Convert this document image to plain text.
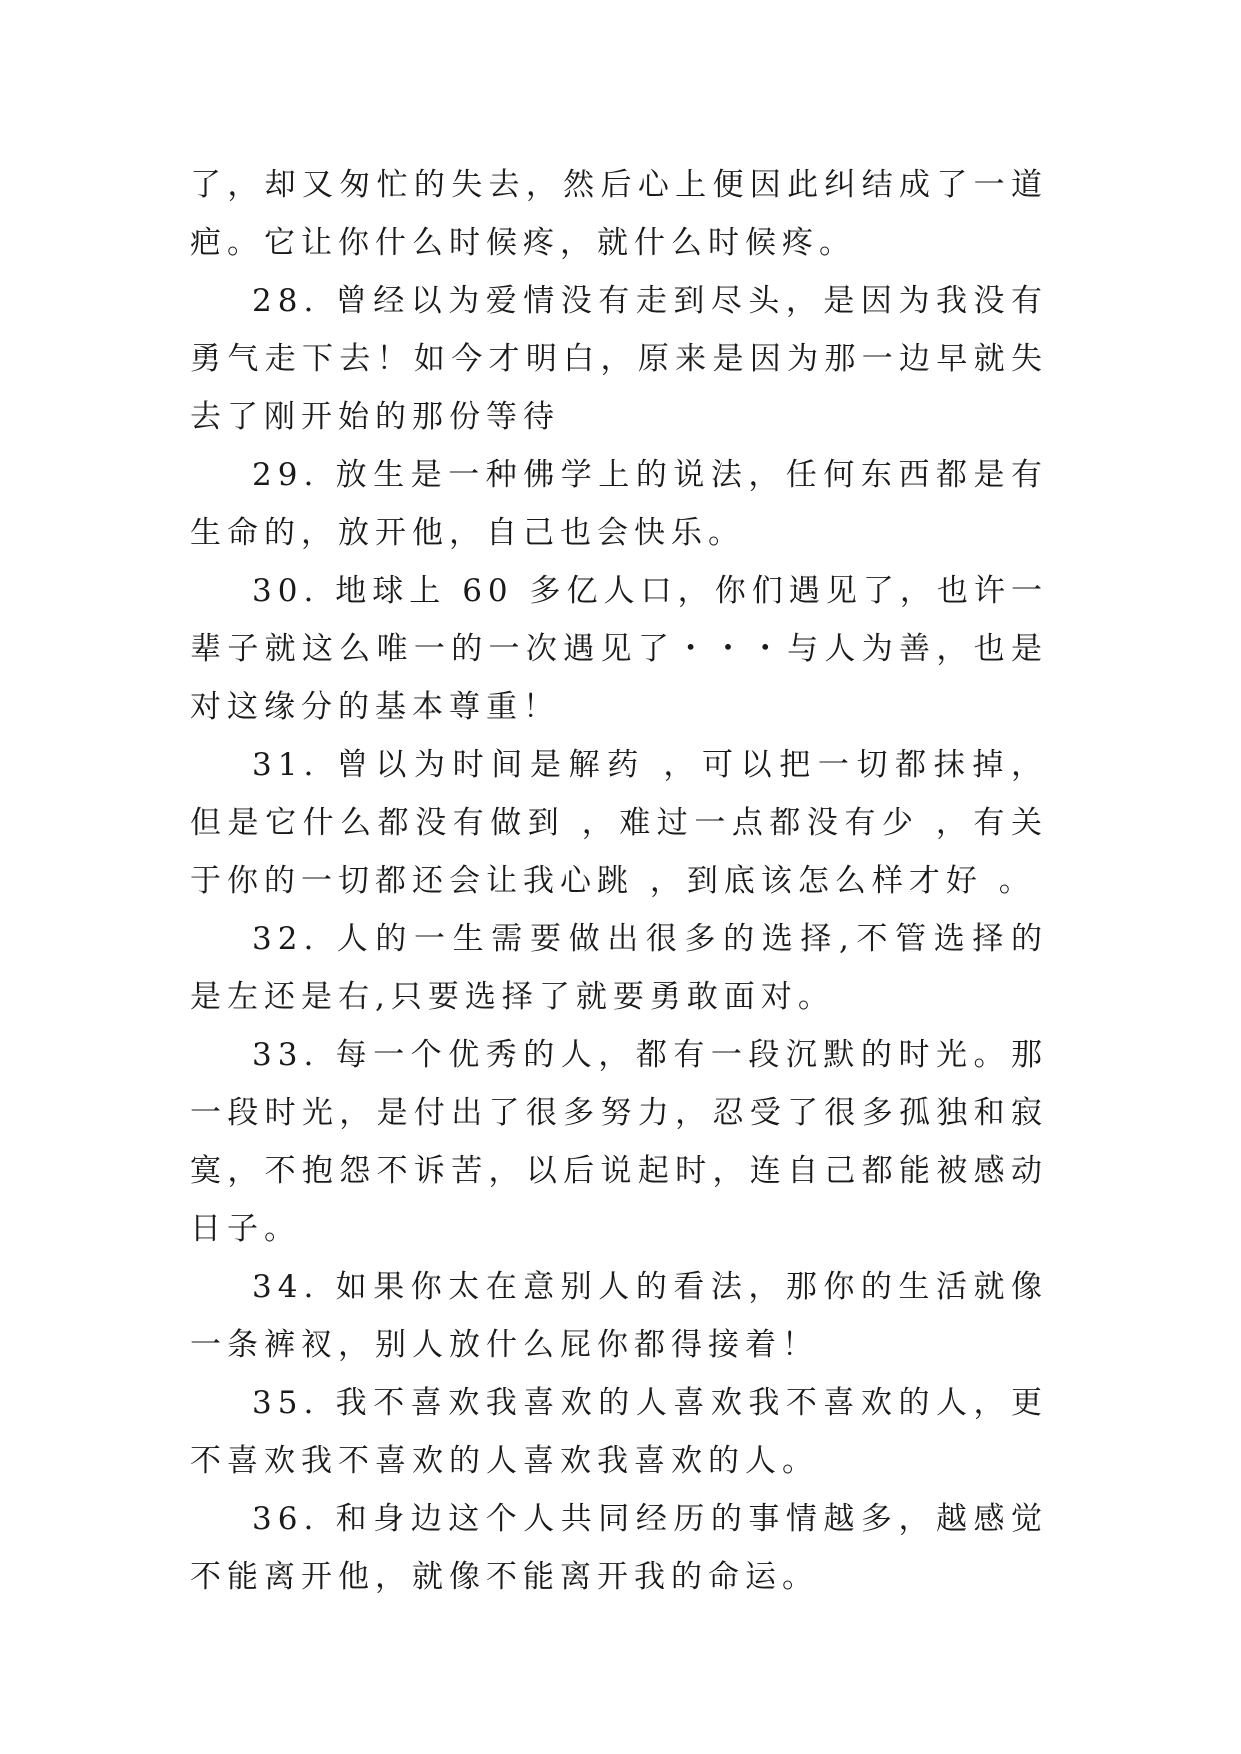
了，却又匆忙的失去，然后心上便因此纠结成了一道疤。它让你什么时候疼，就什么时候疼。

28. 曾经以为爱情没有走到尽头，是因为我没有勇气走下去！如今才明白，原来是因为那一边早就失去了刚开始的那份等待

29. 放生是一种佛学上的说法，任何东西都是有生命的，放开他，自己也会快乐。

30. 地球上 60 多亿人口，你们遇见了，也许一辈子就这么唯一的一次遇见了・・・与人为善，也是对这缘分的基本尊重！

31. 曾以为时间是解药 ，可以把一切都抹掉， 但是它什么都没有做到 ，难过一点都没有少 ，有关于你的一切都还会让我心跳 ，到底该怎么样才好 。

32. 人的一生需要做出很多的选择,不管选择的是左还是右,只要选择了就要勇敢面对。

33. 每一个优秀的人，都有一段沉默的时光。那一段时光，是付出了很多努力，忍受了很多孤独和寂寞，不抱怨不诉苦，以后说起时，连自己都能被感动日子。

34. 如果你太在意别人的看法，那你的生活就像一条裤衩，别人放什么屁你都得接着！

35. 我不喜欢我喜欢的人喜欢我不喜欢的人，更不喜欢我不喜欢的人喜欢我喜欢的人。

36. 和身边这个人共同经历的事情越多，越感觉不能离开他，就像不能离开我的命运。
